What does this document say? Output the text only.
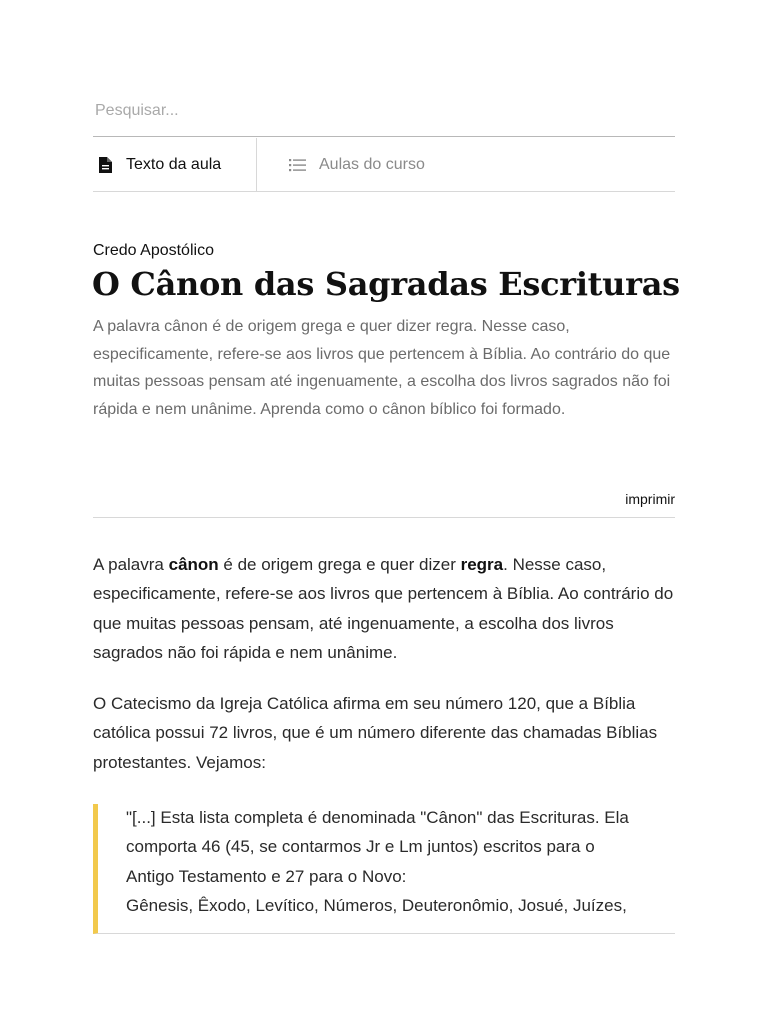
Pesquisar...
Texto da aula	Aulas do curso
Credo Apostólico
O Cânon das Sagradas Escrituras

A palavra cânon é de origem grega e quer dizer regra. Nesse caso, especificamente, refere-se aos livros que pertencem à Bíblia. Ao contrário do que muitas pessoas pensam até ingenuamente, a escolha dos livros sagrados não foi rápida e nem unânime. Aprenda como o cânon bíblico foi formado.

imprimir

A palavra cânon é de origem grega e quer dizer regra. Nesse caso, especificamente, refere-se aos livros que pertencem à Bíblia. Ao contrário do que muitas pessoas pensam, até ingenuamente, a escolha dos livros sagrados não foi rápida e nem unânime.

O Catecismo da Igreja Católica afirma em seu número 120, que a Bíblia católica possui 72 livros, que é um número diferente das chamadas Bíblias protestantes. Vejamos:

"[...] Esta lista completa é denominada "Cânon" das Escrituras. Ela
comporta 46 (45, se contarmos Jr e Lm juntos) escritos para o
Antigo Testamento e 27 para o Novo:
Gênesis, Êxodo, Levítico, Números, Deuteronômio, Josué, Juízes,
